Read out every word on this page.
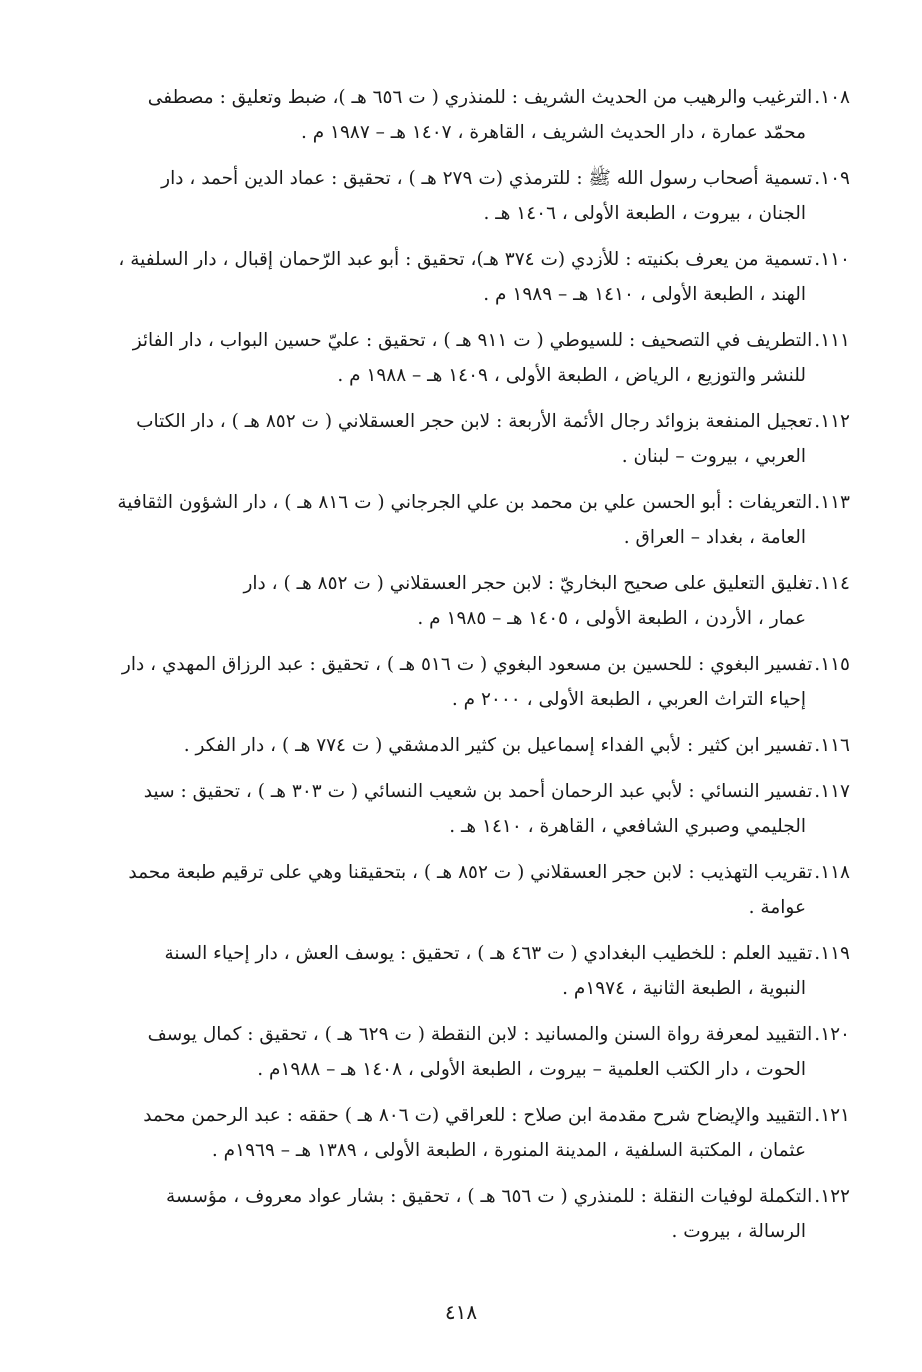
١٠٨.
الترغيب والرهيب من الحديث الشريف : للمنذري ( ت ٦٥٦ هـ )، ضبط وتعليق : مصطفى
محمّد عمارة ، دار الحديث الشريف ، القاهرة ، ١٤٠٧ هـ – ١٩٨٧ م .
١٠٩.
تسمية أصحاب رسول الله ﷺ : للترمذي (ت ٢٧٩ هـ ) ، تحقيق : عماد الدين أحمد ، دار
الجنان ، بيروت ، الطبعة الأولى ، ١٤٠٦ هـ .
١١٠.
تسمية من يعرف بكنيته : للأزدي (ت ٣٧٤ هـ)، تحقيق : أبو عبد الرّحمان إقبال ، دار السلفية ،
الهند ، الطبعة الأولى ، ١٤١٠ هـ – ١٩٨٩ م .
١١١.
التطريف في التصحيف : للسيوطي ( ت ٩١١ هـ ) ، تحقيق : عليّ حسين البواب ، دار الفائز
للنشر والتوزيع ، الرياض ، الطبعة الأولى ، ١٤٠٩ هـ – ١٩٨٨ م .
١١٢.
تعجيل المنفعة بزوائد رجال الأئمة الأربعة : لابن حجر العسقلاني ( ت ٨٥٢ هـ ) ، دار الكتاب
العربي ، بيروت – لبنان .
١١٣.
التعريفات : أبو الحسن علي بن محمد بن علي الجرجاني ( ت ٨١٦ هـ ) ، دار الشؤون الثقافية
العامة ، بغداد – العراق .
١١٤.
تغليق التعليق على صحيح البخاريّ : لابن حجر العسقلاني ( ت ٨٥٢ هـ ) ، دار
عمار ، الأردن ، الطبعة الأولى ، ١٤٠٥ هـ – ١٩٨٥ م .
١١٥.
تفسير البغوي : للحسين بن مسعود البغوي ( ت ٥١٦ هـ ) ، تحقيق : عبد الرزاق المهدي ، دار
إحياء التراث العربي ، الطبعة الأولى ، ٢٠٠٠ م .
١١٦.
تفسير ابن كثير : لأبي الفداء إسماعيل بن كثير الدمشقي ( ت ٧٧٤ هـ ) ، دار الفكر .
١١٧.
تفسير النسائي : لأبي عبد الرحمان أحمد بن شعيب النسائي ( ت ٣٠٣ هـ ) ، تحقيق : سيد
الجليمي وصبري الشافعي ، القاهرة ، ١٤١٠ هـ .
١١٨.
تقريب التهذيب : لابن حجر العسقلاني ( ت ٨٥٢ هـ ) ، بتحقيقنا وهي على ترقيم طبعة محمد
عوامة .
١١٩.
تقييد العلم : للخطيب البغدادي ( ت ٤٦٣ هـ ) ، تحقيق : يوسف العش ، دار إحياء السنة
النبوية ، الطبعة الثانية ، ١٩٧٤م .
١٢٠.
التقييد لمعرفة رواة السنن والمسانيد : لابن النقطة ( ت ٦٢٩ هـ ) ، تحقيق : كمال يوسف
الحوت ، دار الكتب العلمية – بيروت ، الطبعة الأولى ، ١٤٠٨ هـ – ١٩٨٨م .
١٢١.
التقييد والإيضاح شرح مقدمة ابن صلاح : للعراقي (ت ٨٠٦ هـ ) حققه : عبد الرحمن محمد
عثمان ، المكتبة السلفية ، المدينة المنورة ، الطبعة الأولى ، ١٣٨٩ هـ – ١٩٦٩م .
١٢٢.
التكملة لوفيات النقلة : للمنذري ( ت ٦٥٦ هـ ) ، تحقيق : بشار عواد معروف ، مؤسسة
الرسالة ، بيروت .
٤١٨
